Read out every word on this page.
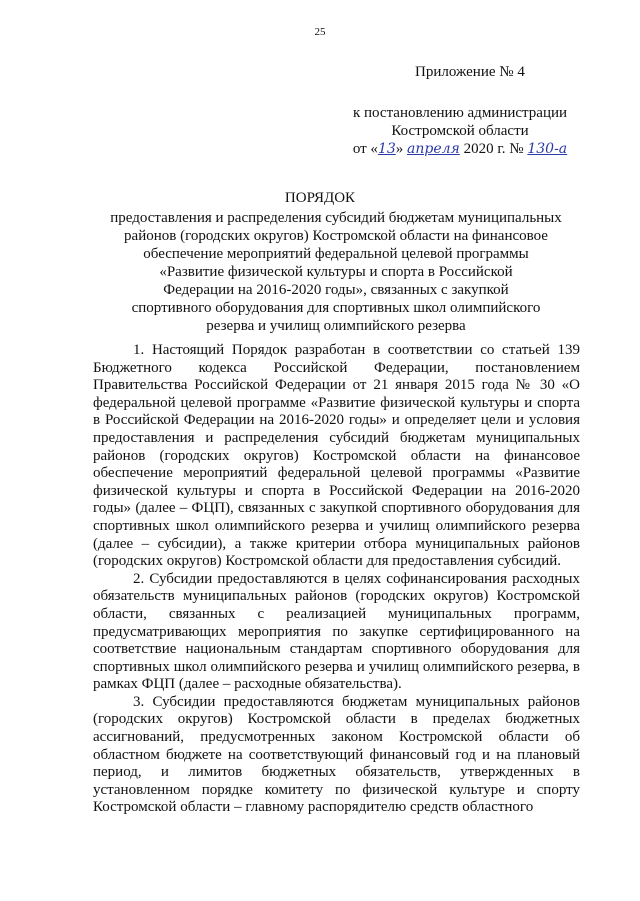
25
Приложение № 4
к постановлению администрации
Костромской области
от «13» апреля 2020 г. № 130-а
ПОРЯДОК
предоставления и распределения субсидий бюджетам муниципальных
районов (городских округов) Костромской области на финансовое
обеспечение мероприятий федеральной целевой программы
«Развитие физической культуры и спорта в Российской
Федерации на 2016-2020 годы», связанных с закупкой
спортивного оборудования для спортивных школ олимпийского
резерва и училищ олимпийского резерва

1. Настоящий Порядок разработан в соответствии со статьей 139 Бюджетного кодекса Российской Федерации, постановлением Правительства Российской Федерации от 21 января 2015 года № 30 «О федеральной целевой программе «Развитие физической культуры и спорта в Российской Федерации на 2016-2020 годы» и определяет цели и условия предоставления и распределения субсидий бюджетам муниципальных районов (городских округов) Костромской области на финансовое обеспечение мероприятий федеральной целевой программы «Развитие физической культуры и спорта в Российской Федерации на 2016-2020 годы» (далее – ФЦП), связанных с закупкой спортивного оборудования для спортивных школ олимпийского резерва и училищ олимпийского резерва (далее – субсидии), а также критерии отбора муниципальных районов (городских округов) Костромской области для предоставления субсидий.

2. Субсидии предоставляются в целях софинансирования расходных обязательств муниципальных районов (городских округов) Костромской области, связанных с реализацией муниципальных программ, предусматривающих мероприятия по закупке сертифицированного на соответствие национальным стандартам спортивного оборудования для спортивных школ олимпийского резерва и училищ олимпийского резерва, в рамках ФЦП (далее – расходные обязательства).

3. Субсидии предоставляются бюджетам муниципальных районов (городских округов) Костромской области в пределах бюджетных ассигнований, предусмотренных законом Костромской области об областном бюджете на соответствующий финансовый год и на плановый период, и лимитов бюджетных обязательств, утвержденных в установленном порядке комитету по физической культуре и спорту Костромской области – главному распорядителю средств областного
